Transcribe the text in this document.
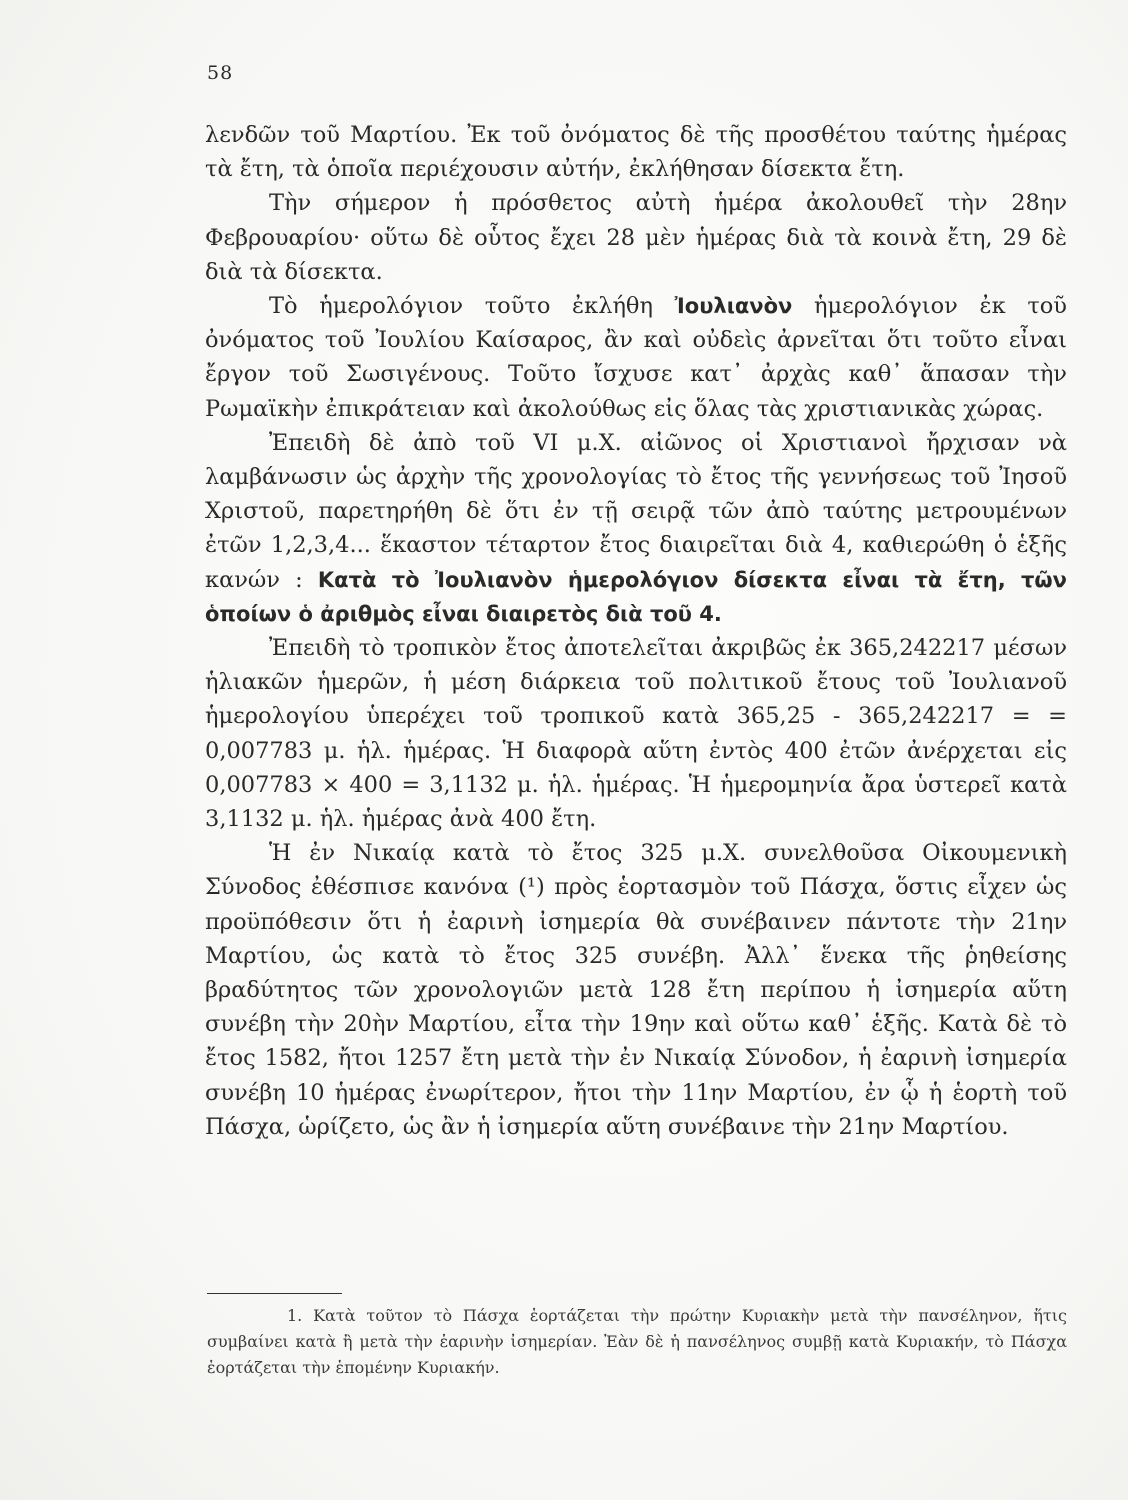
58

λενδῶν τοῦ Μαρτίου. Ἐκ τοῦ ὀνόματος δὲ τῆς προσθέτου ταύτης ἡμέρας τὰ ἔτη, τὰ ὁποῖα περιέχουσιν αὐτήν, ἐκλήθησαν δίσεκτα ἔτη.

Τὴν σήμερον ἡ πρόσθετος αὐτὴ ἡμέρα ἀκολουθεῖ τὴν 28ην Φεβρουαρίου· οὕτω δὲ οὗτος ἔχει 28 μὲν ἡμέρας διὰ τὰ κοινὰ ἔτη, 29 δὲ διὰ τὰ δίσεκτα.

Τὸ ἡμερολόγιον τοῦτο ἐκλήθη Ἰουλιανὸν ἡμερολόγιον ἐκ τοῦ ὀνόματος τοῦ Ἰουλίου Καίσαρος, ἂν καὶ οὐδεὶς ἀρνεῖται ὅτι τοῦτο εἶναι ἔργον τοῦ Σωσιγένους. Τοῦτο ἴσχυσε κατ᾽ ἀρχὰς καθ᾽ ἅπασαν τὴν Ρωμαϊκὴν ἐπικράτειαν καὶ ἀκολούθως εἰς ὅλας τὰς χριστιανικὰς χώρας.

Ἐπειδὴ δὲ ἀπὸ τοῦ VI μ.Χ. αἰῶνος οἱ Χριστιανοὶ ἤρχισαν νὰ λαμβάνωσιν ὡς ἀρχὴν τῆς χρονολογίας τὸ ἔτος τῆς γεννήσεως τοῦ Ἰησοῦ Χριστοῦ, παρετηρήθη δὲ ὅτι ἐν τῇ σειρᾷ τῶν ἀπὸ ταύτης μετρουμένων ἐτῶν 1,2,3,4... ἕκαστον τέταρτον ἔτος διαιρεῖται διὰ 4, καθιερώθη ὁ ἑξῆς κανών : Κατὰ τὸ Ἰουλιανὸν ἡμερολόγιον δίσεκτα εἶναι τὰ ἔτη, τῶν ὁποίων ὁ ἀριθμὸς εἶναι διαιρετὸς διὰ τοῦ 4.

Ἐπειδὴ τὸ τροπικὸν ἔτος ἀποτελεῖται ἀκριβῶς ἐκ 365,242217 μέσων ἡλιακῶν ἡμερῶν, ἡ μέση διάρκεια τοῦ πολιτικοῦ ἔτους τοῦ Ἰουλιανοῦ ἡμερολογίου ὑπερέχει τοῦ τροπικοῦ κατὰ 365,25 - 365,242217 = = 0,007783 μ. ἡλ. ἡμέρας. Ἡ διαφορὰ αὕτη ἐντὸς 400 ἐτῶν ἀνέρχεται εἰς 0,007783 × 400 = 3,1132 μ. ἡλ. ἡμέρας. Ἡ ἡμερομηνία ἄρα ὑστερεῖ κατὰ 3,1132 μ. ἡλ. ἡμέρας ἀνὰ 400 ἔτη.

Ἡ ἐν Νικαίᾳ κατὰ τὸ ἔτος 325 μ.Χ. συνελθοῦσα Οἰκουμενικὴ Σύνοδος ἐθέσπισε κανόνα (¹) πρὸς ἑορτασμὸν τοῦ Πάσχα, ὅστις εἶχεν ὡς προϋπόθεσιν ὅτι ἡ ἐαρινὴ ἰσημερία θὰ συνέβαινεν πάντοτε τὴν 21ην Μαρτίου, ὡς κατὰ τὸ ἔτος 325 συνέβη. Ἀλλ᾽ ἕνεκα τῆς ῥηθείσης βραδύτητος τῶν χρονολογιῶν μετὰ 128 ἔτη περίπου ἡ ἰσημερία αὕτη συνέβη τὴν 20ὴν Μαρτίου, εἶτα τὴν 19ην καὶ οὕτω καθ᾽ ἑξῆς. Κατὰ δὲ τὸ ἔτος 1582, ἤτοι 1257 ἔτη μετὰ τὴν ἐν Νικαίᾳ Σύνοδον, ἡ ἐαρινὴ ἰσημερία συνέβη 10 ἡμέρας ἐνωρίτερον, ἤτοι τὴν 11ην Μαρτίου, ἐν ᾧ ἡ ἑορτὴ τοῦ Πάσχα, ὡρίζετο, ὡς ἂν ἡ ἰσημερία αὕτη συνέβαινε τὴν 21ην Μαρτίου.

1. Κατὰ τοῦτον τὸ Πάσχα ἑορτάζεται τὴν πρώτην Κυριακὴν μετὰ τὴν πανσέληνον, ἥτις συμβαίνει κατὰ ἢ μετὰ τὴν ἐαρινὴν ἰσημερίαν. Ἐὰν δὲ ἡ πανσέληνος συμβῇ κατὰ Κυριακήν, τὸ Πάσχα ἑορτάζεται τὴν ἑπομένην Κυριακήν.
